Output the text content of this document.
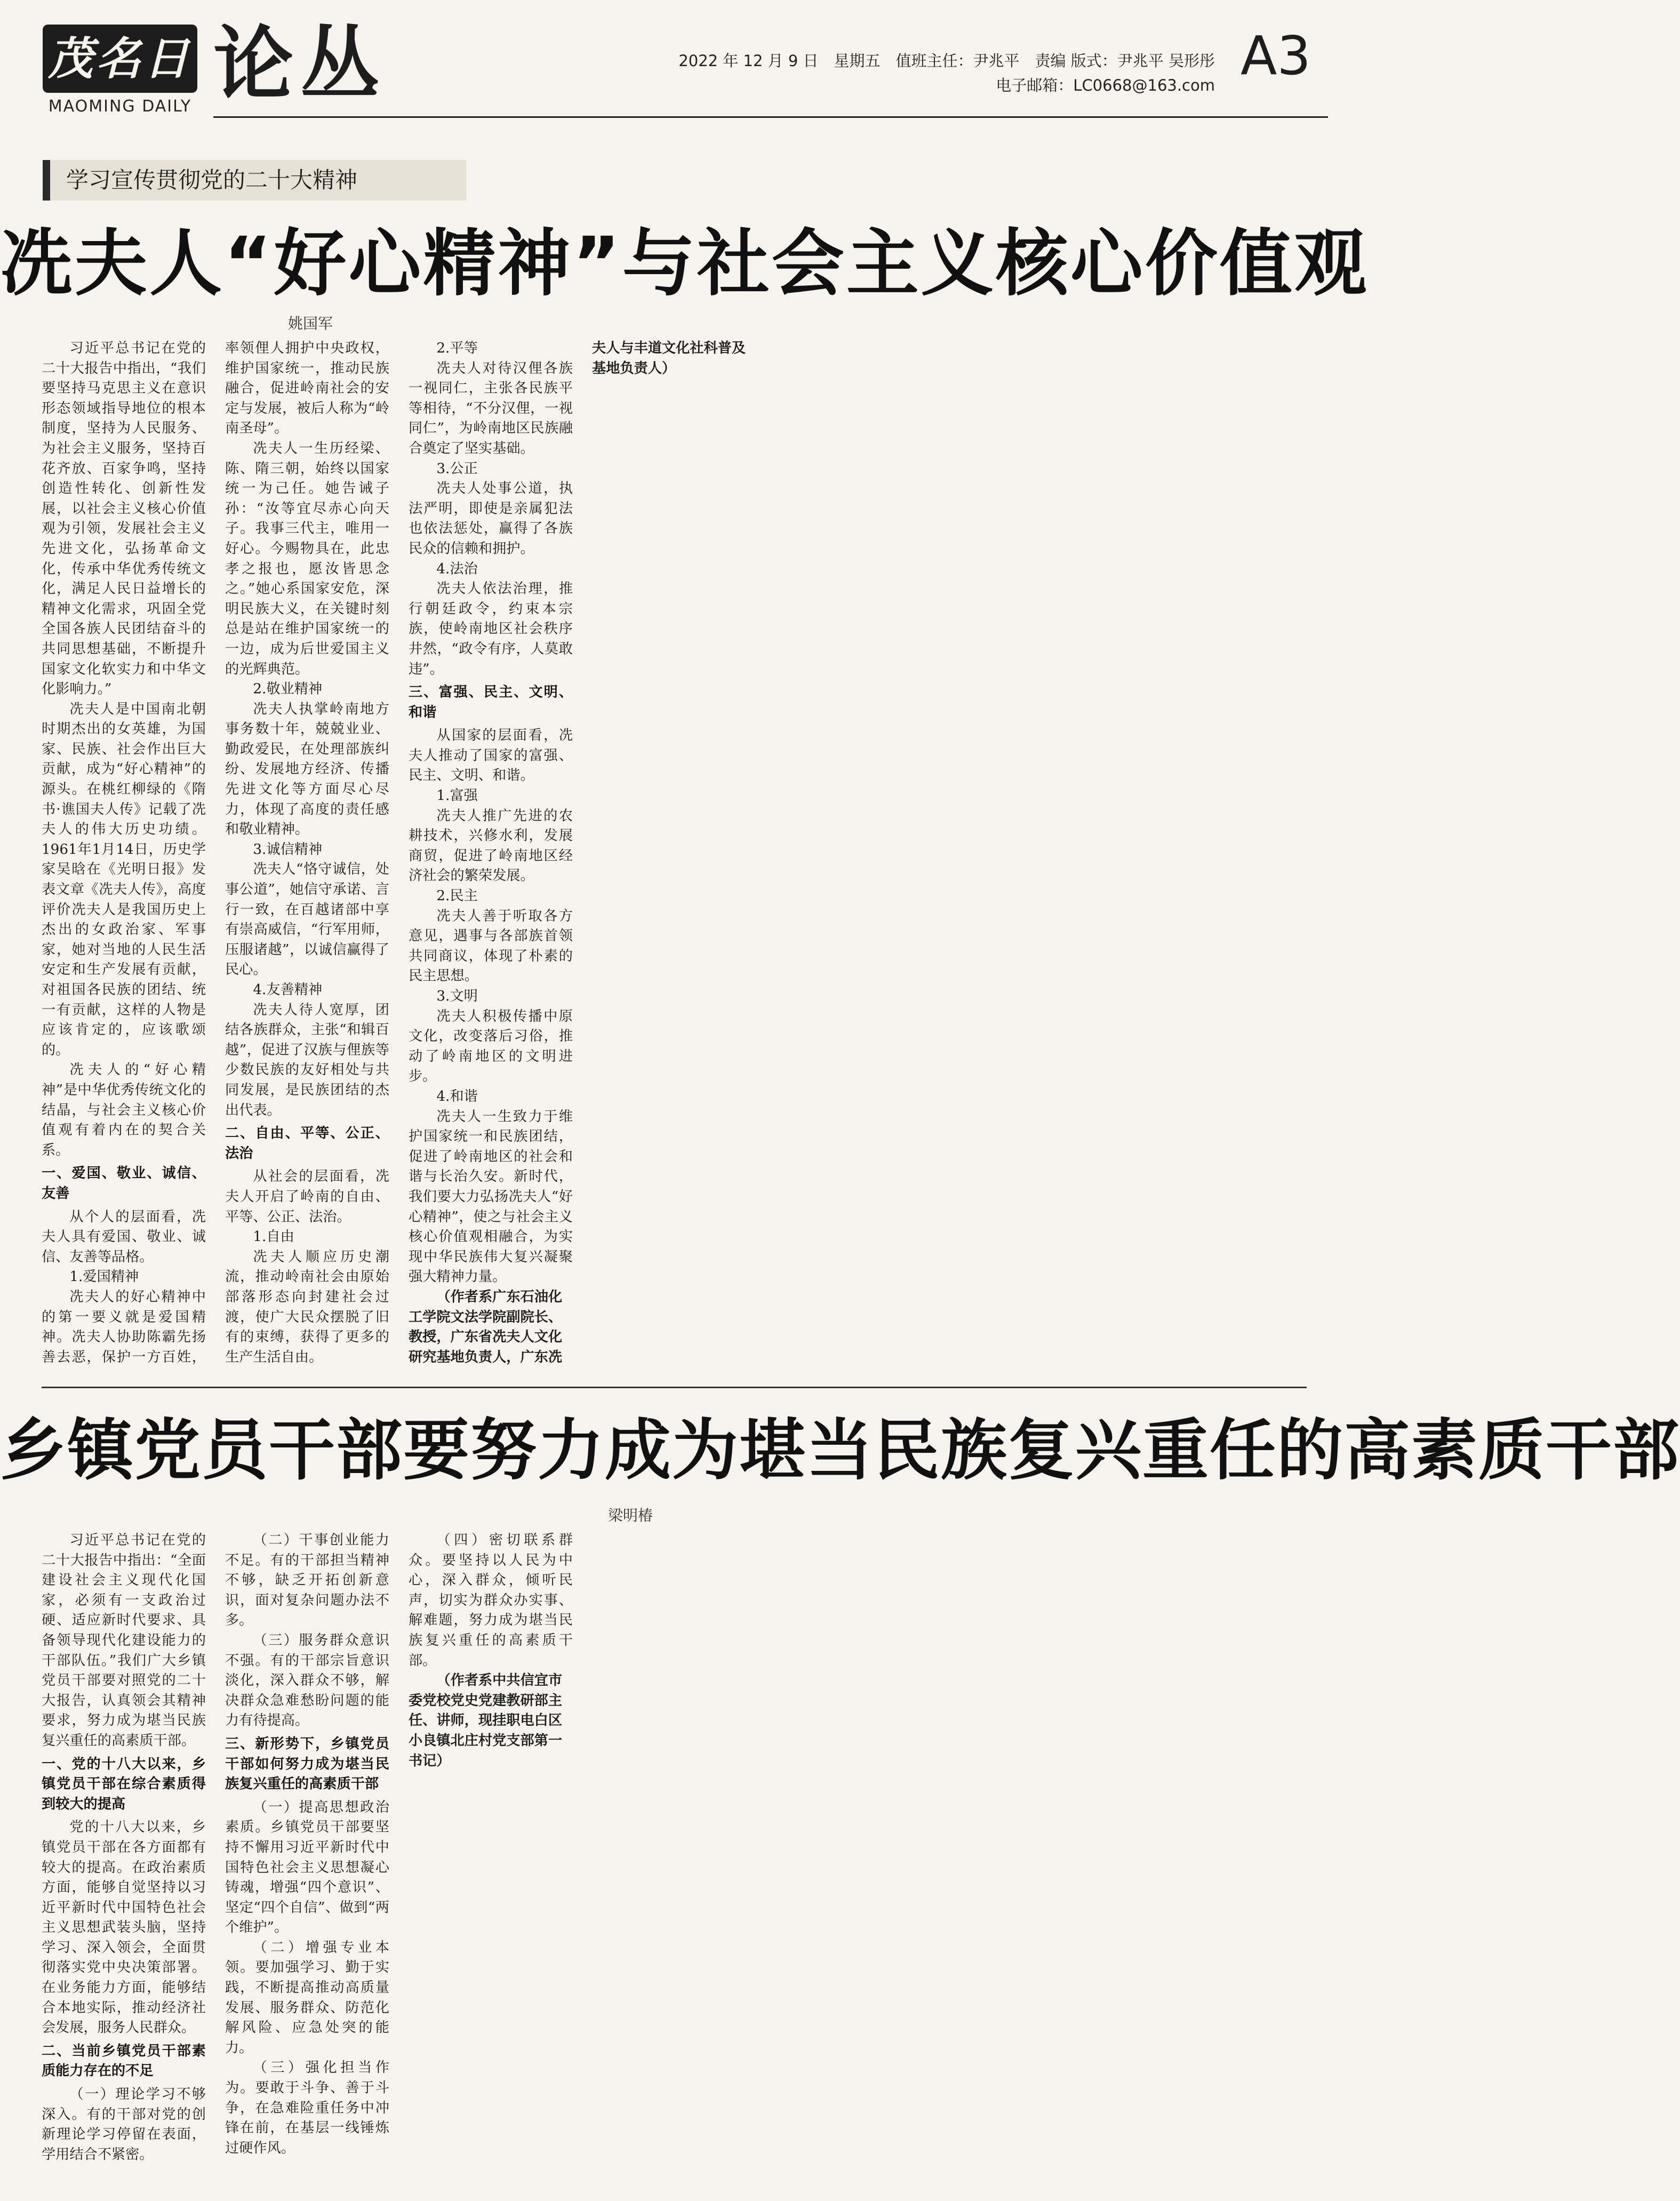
茂名日報
MAOMING DAILY 论丛	2022 年 12 月 9 日　星期五　值班主任：尹兆平　责编 版式：尹兆平 吴形彤
电子邮箱：LC0668@163.com A3
学习宣传贯彻党的二十大精神
冼夫人“好心精神”与社会主义核心价值观
姚国军

习近平总书记在党的二十大报告中指出，“我们要坚持马克思主义在意识形态领域指导地位的根本制度，坚持为人民服务、为社会主义服务，坚持百花齐放、百家争鸣，坚持创造性转化、创新性发展，以社会主义核心价值观为引领，发展社会主义先进文化，弘扬革命文化，传承中华优秀传统文化，满足人民日益增长的精神文化需求，巩固全党全国各族人民团结奋斗的共同思想基础，不断提升国家文化软实力和中华文化影响力。”

冼夫人是中国南北朝时期杰出的女英雄，为国家、民族、社会作出巨大贡献，成为“好心精神”的源头。在桃红柳绿的《隋书·谯国夫人传》记载了冼夫人的伟大历史功绩。1961年1月14日，历史学家吴晗在《光明日报》发表文章《冼夫人传》，高度评价冼夫人是我国历史上杰出的女政治家、军事家，她对当地的人民生活安定和生产发展有贡献，对祖国各民族的团结、统一有贡献，这样的人物是应该肯定的，应该歌颂的。

冼夫人的“好心精神”是中华优秀传统文化的结晶，与社会主义核心价值观有着内在的契合关系。

一、爱国、敬业、诚信、友善

从个人的层面看，冼夫人具有爱国、敬业、诚信、友善等品格。

1.爱国精神

冼夫人的好心精神中的第一要义就是爱国精神。冼夫人协助陈霸先扬善去恶，保护一方百姓，率领俚人拥护中央政权，维护国家统一，推动民族融合，促进岭南社会的安定与发展，被后人称为“岭南圣母”。

冼夫人一生历经梁、陈、隋三朝，始终以国家统一为己任。她告诫子孙：“汝等宜尽赤心向天子。我事三代主，唯用一好心。今赐物具在，此忠孝之报也，愿汝皆思念之。”她心系国家安危，深明民族大义，在关键时刻总是站在维护国家统一的一边，成为后世爱国主义的光辉典范。

2.敬业精神

冼夫人执掌岭南地方事务数十年，兢兢业业、勤政爱民，在处理部族纠纷、发展地方经济、传播先进文化等方面尽心尽力，体现了高度的责任感和敬业精神。

3.诚信精神

冼夫人“恪守诚信，处事公道”，她信守承诺、言行一致，在百越诸部中享有崇高威信，“行军用师，压服诸越”，以诚信赢得了民心。

4.友善精神

冼夫人待人宽厚，团结各族群众，主张“和辑百越”，促进了汉族与俚族等少数民族的友好相处与共同发展，是民族团结的杰出代表。

二、自由、平等、公正、法治

从社会的层面看，冼夫人开启了岭南的自由、平等、公正、法治。

1.自由

冼夫人顺应历史潮流，推动岭南社会由原始部落形态向封建社会过渡，使广大民众摆脱了旧有的束缚，获得了更多的生产生活自由。

2.平等

冼夫人对待汉俚各族一视同仁，主张各民族平等相待，“不分汉俚，一视同仁”，为岭南地区民族融合奠定了坚实基础。

3.公正

冼夫人处事公道，执法严明，即使是亲属犯法也依法惩处，赢得了各族民众的信赖和拥护。

4.法治

冼夫人依法治理，推行朝廷政令，约束本宗族，使岭南地区社会秩序井然，“政令有序，人莫敢违”。

三、富强、民主、文明、和谐

从国家的层面看，冼夫人推动了国家的富强、民主、文明、和谐。

1.富强

冼夫人推广先进的农耕技术，兴修水利，发展商贸，促进了岭南地区经济社会的繁荣发展。

2.民主

冼夫人善于听取各方意见，遇事与各部族首领共同商议，体现了朴素的民主思想。

3.文明

冼夫人积极传播中原文化，改变落后习俗，推动了岭南地区的文明进步。

4.和谐

冼夫人一生致力于维护国家统一和民族团结，促进了岭南地区的社会和谐与长治久安。新时代，我们要大力弘扬冼夫人“好心精神”，使之与社会主义核心价值观相融合，为实现中华民族伟大复兴凝聚强大精神力量。

（作者系广东石油化工学院文法学院副院长、教授，广东省冼夫人文化研究基地负责人，广东冼夫人与丰道文化社科普及基地负责人）

乡镇党员干部要努力成为堪当民族复兴重任的高素质干部
梁明椿

习近平总书记在党的二十大报告中指出：“全面建设社会主义现代化国家，必须有一支政治过硬、适应新时代要求、具备领导现代化建设能力的干部队伍。”我们广大乡镇党员干部要对照党的二十大报告，认真领会其精神要求，努力成为堪当民族复兴重任的高素质干部。

一、党的十八大以来，乡镇党员干部在综合素质得到较大的提高

党的十八大以来，乡镇党员干部在各方面都有较大的提高。在政治素质方面，能够自觉坚持以习近平新时代中国特色社会主义思想武装头脑，坚持学习、深入领会，全面贯彻落实党中央决策部署。在业务能力方面，能够结合本地实际，推动经济社会发展，服务人民群众。

二、当前乡镇党员干部素质能力存在的不足

（一）理论学习不够深入。有的干部对党的创新理论学习停留在表面，学用结合不紧密。

（二）干事创业能力不足。有的干部担当精神不够，缺乏开拓创新意识，面对复杂问题办法不多。

（三）服务群众意识不强。有的干部宗旨意识淡化，深入群众不够，解决群众急难愁盼问题的能力有待提高。

三、新形势下，乡镇党员干部如何努力成为堪当民族复兴重任的高素质干部

（一）提高思想政治素质。乡镇党员干部要坚持不懈用习近平新时代中国特色社会主义思想凝心铸魂，增强“四个意识”、坚定“四个自信”、做到“两个维护”。

（二）增强专业本领。要加强学习、勤于实践，不断提高推动高质量发展、服务群众、防范化解风险、应急处突的能力。

（三）强化担当作为。要敢于斗争、善于斗争，在急难险重任务中冲锋在前，在基层一线锤炼过硬作风。

（四）密切联系群众。要坚持以人民为中心，深入群众，倾听民声，切实为群众办实事、解难题，努力成为堪当民族复兴重任的高素质干部。

（作者系中共信宜市委党校党史党建教研部主任、讲师，现挂职电白区小良镇北庄村党支部第一书记）
